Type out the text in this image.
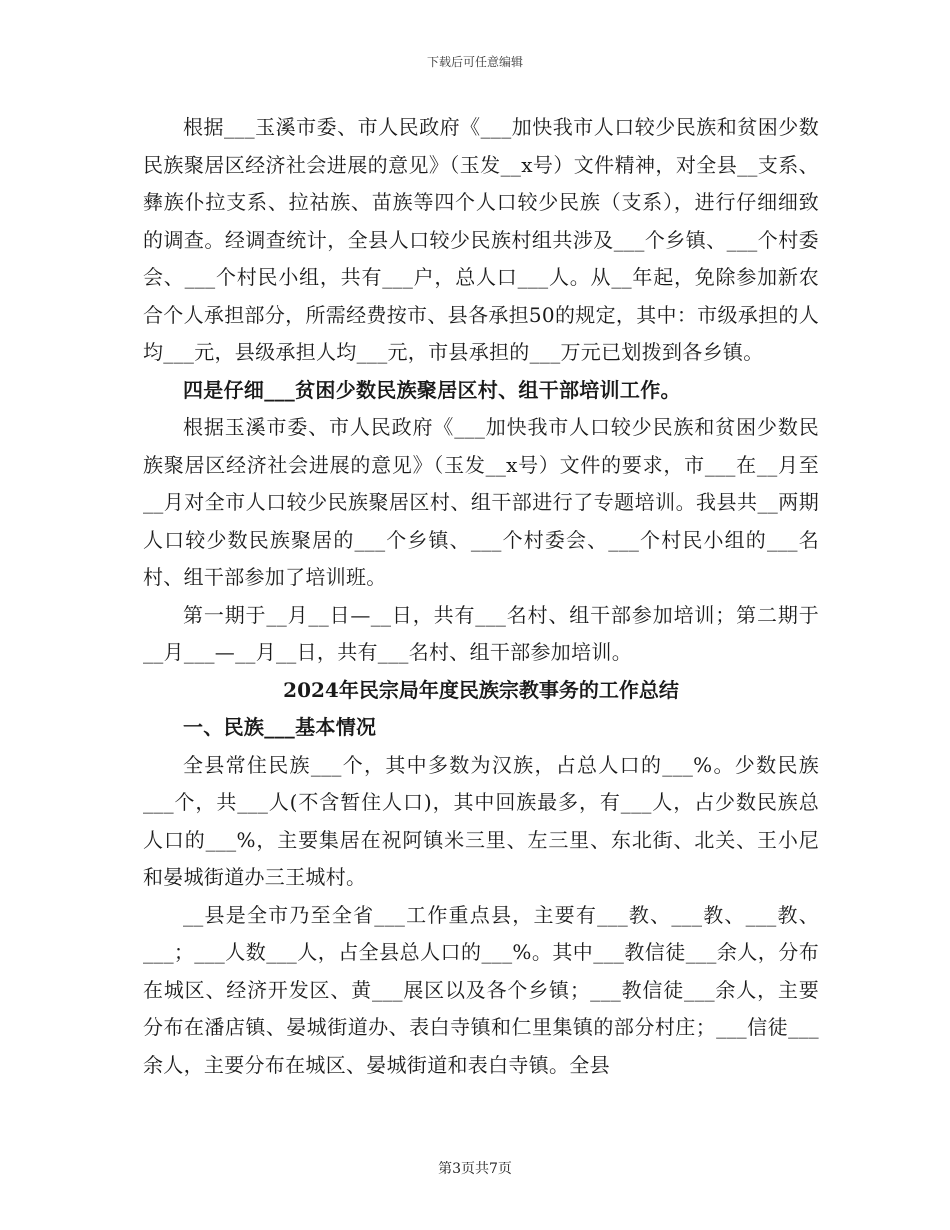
下载后可任意编辑

根据___玉溪市委、市人民政府《___加快我市人口较少民族和贫困少数民族聚居区经济社会进展的意见》（玉发__x号）文件精神，对全县__支系、彝族仆拉支系、拉祜族、苗族等四个人口较少民族（支系），进行仔细细致的调查。经调查统计，全县人口较少民族村组共涉及___个乡镇、___个村委会、___个村民小组，共有___户，总人口___人。从__年起，免除参加新农合个人承担部分，所需经费按市、县各承担50的规定，其中：市级承担的人均___元，县级承担人均___元，市县承担的___万元已划拨到各乡镇。

四是仔细___贫困少数民族聚居区村、组干部培训工作。

根据玉溪市委、市人民政府《___加快我市人口较少民族和贫困少数民族聚居区经济社会进展的意见》（玉发__x号）文件的要求，市___在__月至__月对全市人口较少民族聚居区村、组干部进行了专题培训。我县共__两期人口较少数民族聚居的___个乡镇、___个村委会、___个村民小组的___名村、组干部参加了培训班。

第一期于__月__日—__日，共有___名村、组干部参加培训；第二期于__月___—__月__日，共有___名村、组干部参加培训。

2024年民宗局年度民族宗教事务的工作总结

一、民族___基本情况

全县常住民族___个，其中多数为汉族，占总人口的___%。少数民族___个，共___人(不含暂住人口)，其中回族最多，有___人，占少数民族总人口的___%，主要集居在祝阿镇米三里、左三里、东北街、北关、王小尼和晏城街道办三王城村。

__县是全市乃至全省___工作重点县，主要有___教、___教、___教、___；___人数___人，占全县总人口的___%。其中___教信徒___余人，分布在城区、经济开发区、黄___展区以及各个乡镇；___教信徒___余人，主要分布在潘店镇、晏城街道办、表白寺镇和仁里集镇的部分村庄；___信徒___余人，主要分布在城区、晏城街道和表白寺镇。全县

第3页共7页
